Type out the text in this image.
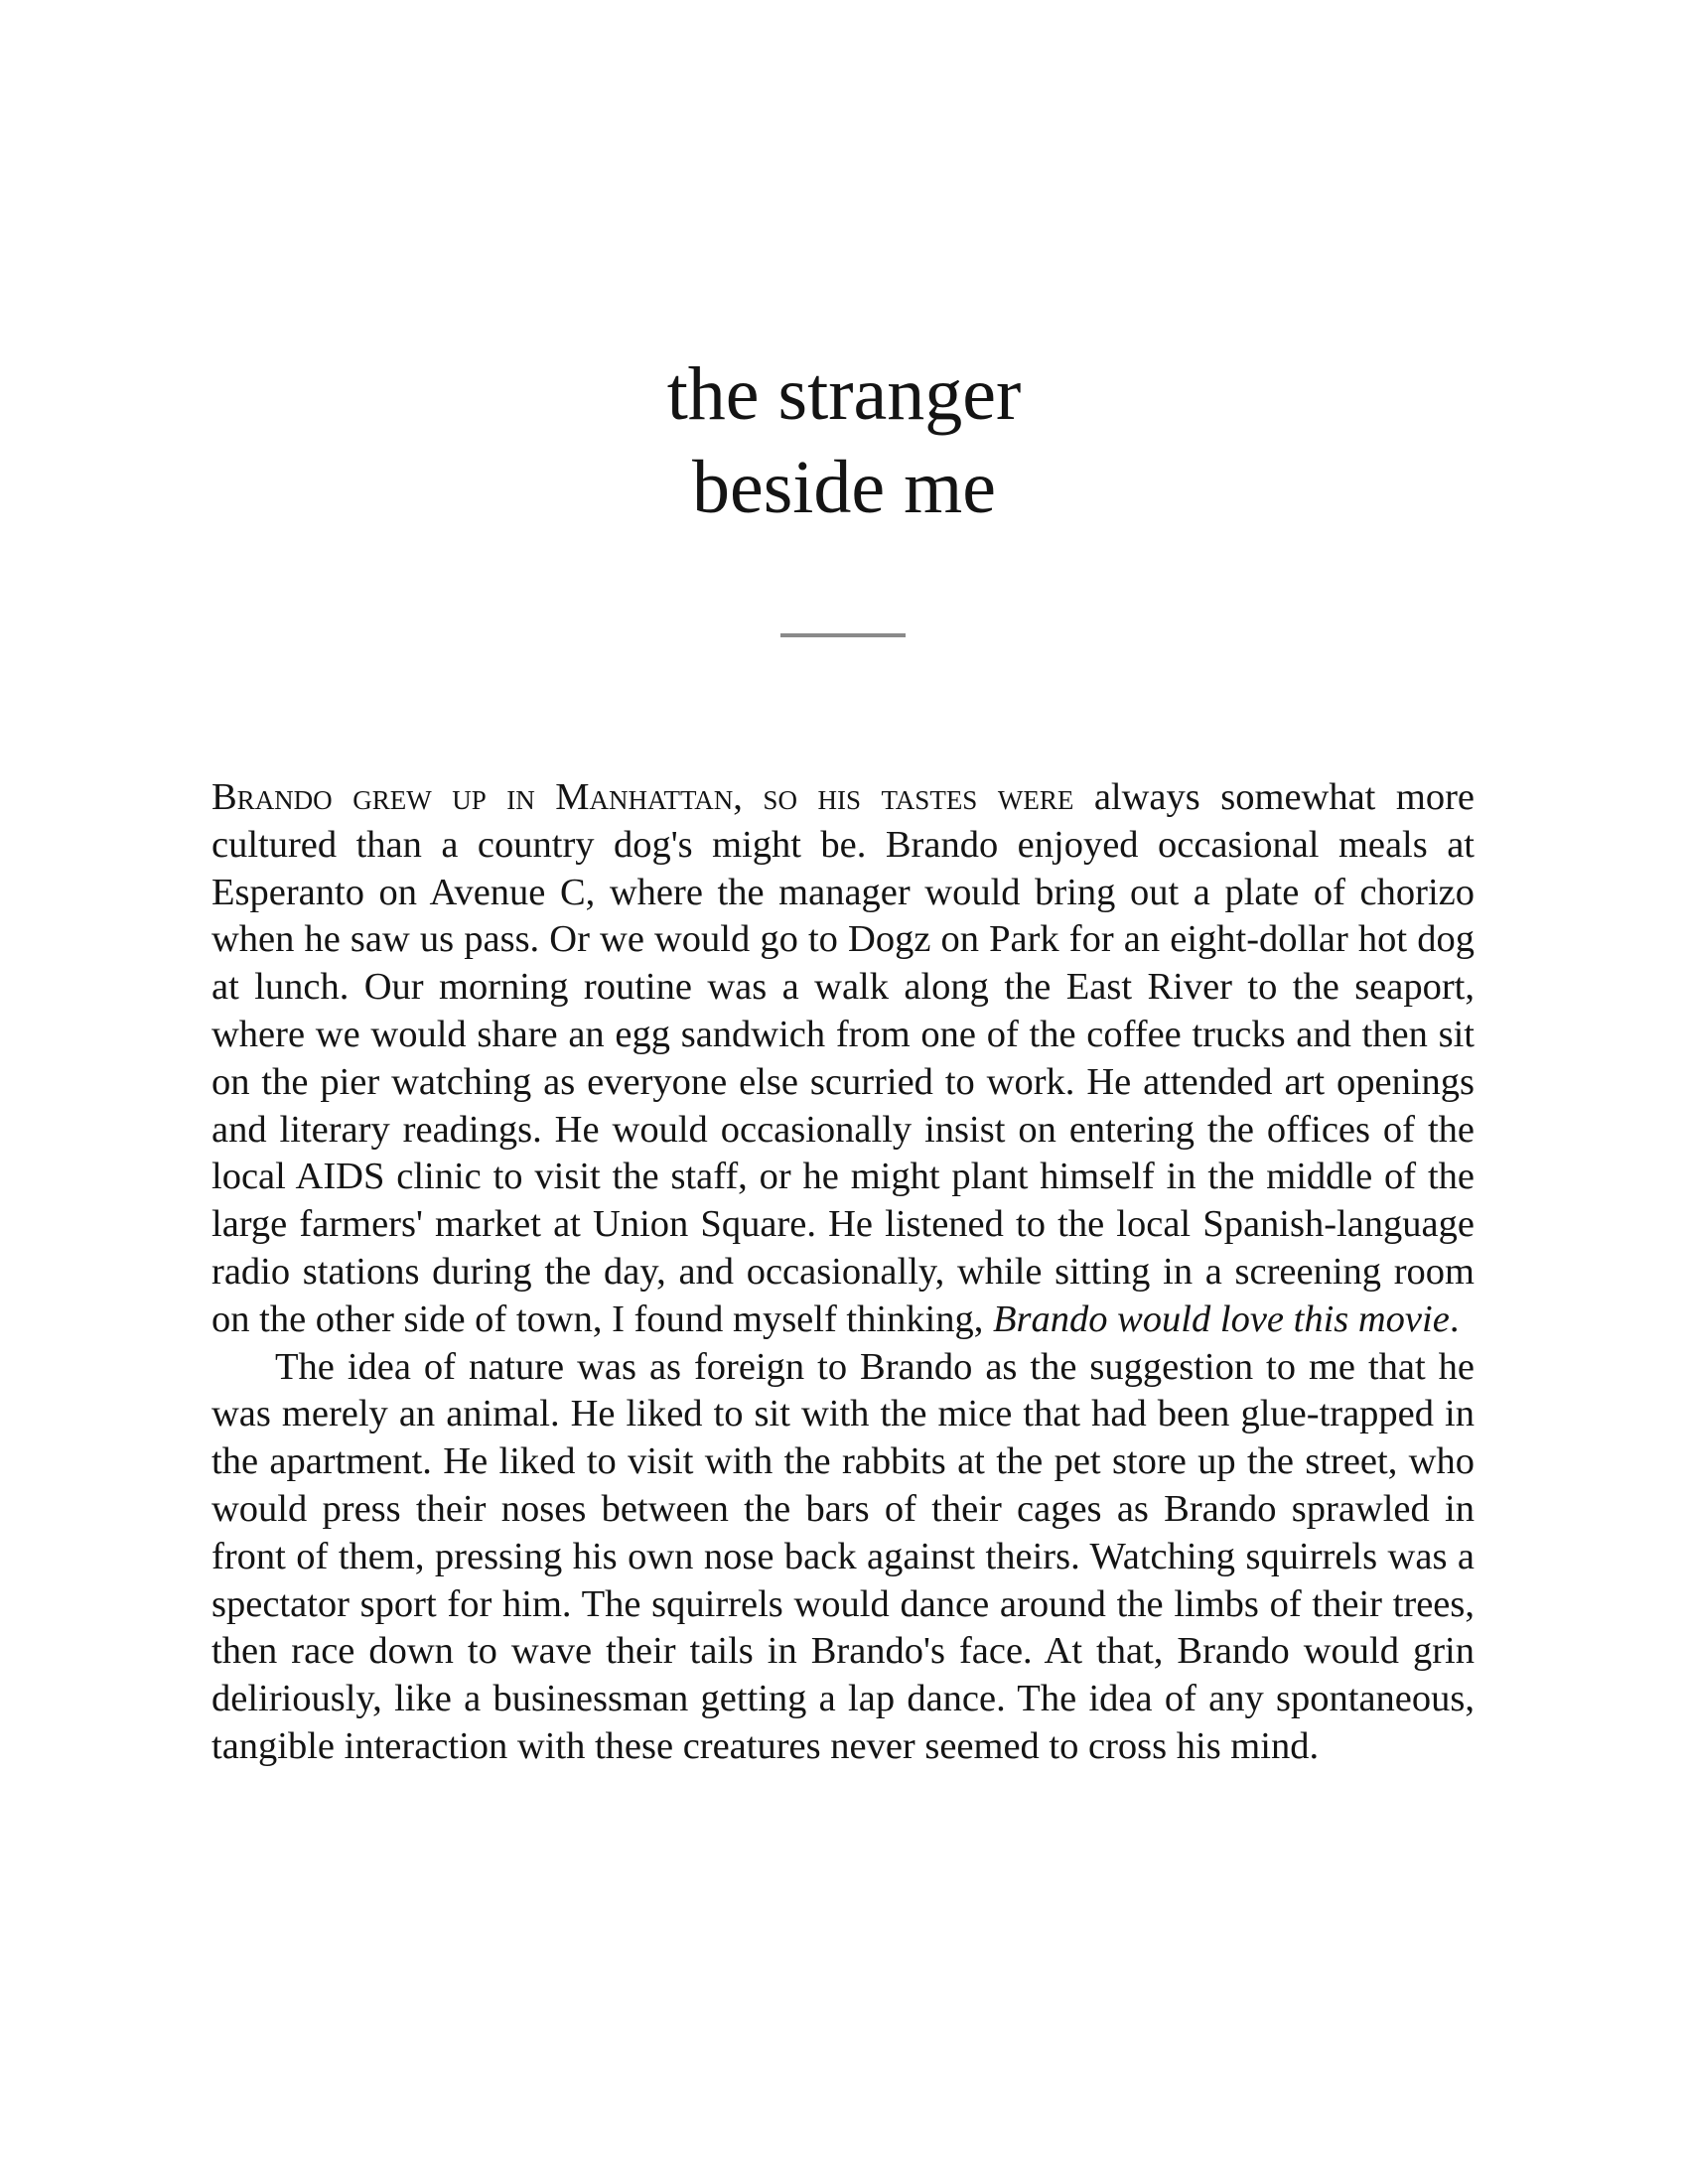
the stranger
beside me

Brando grew up in Manhattan, so his tastes were always somewhat more cultured than a country dog's might be. Brando enjoyed occasional meals at Esperanto on Avenue C, where the manager would bring out a plate of chorizo when he saw us pass. Or we would go to Dogz on Park for an eight-dollar hot dog at lunch. Our morning routine was a walk along the East River to the seaport, where we would share an egg sandwich from one of the coffee trucks and then sit on the pier watching as everyone else scurried to work. He attended art openings and literary readings. He would occasionally insist on entering the offices of the local AIDS clinic to visit the staff, or he might plant himself in the middle of the large farmers' market at Union Square. He listened to the local Spanish-language radio stations during the day, and occasionally, while sitting in a screening room on the other side of town, I found myself thinking, Brando would love this movie.

The idea of nature was as foreign to Brando as the suggestion to me that he was merely an animal. He liked to sit with the mice that had been glue-trapped in the apartment. He liked to visit with the rabbits at the pet store up the street, who would press their noses between the bars of their cages as Brando sprawled in front of them, pressing his own nose back against theirs. Watching squirrels was a spectator sport for him. The squirrels would dance around the limbs of their trees, then race down to wave their tails in Brando's face. At that, Brando would grin deliriously, like a businessman getting a lap dance. The idea of any spontaneous, tangible interaction with these creatures never seemed to cross his mind.
